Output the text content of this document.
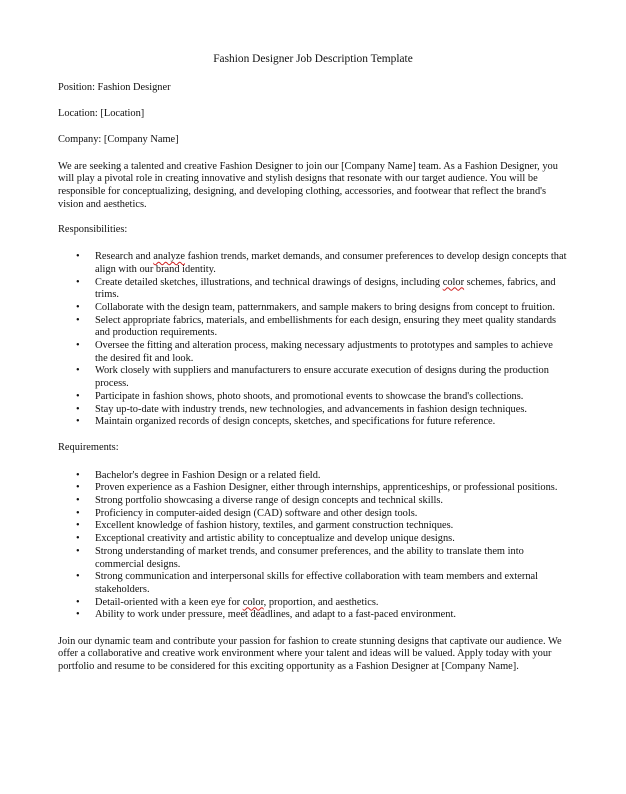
Fashion Designer Job Description Template
Position: Fashion Designer
Location: [Location]
Company: [Company Name]
We are seeking a talented and creative Fashion Designer to join our [Company Name] team. As a Fashion Designer, you will play a pivotal role in creating innovative and stylish designs that resonate with our target audience. You will be responsible for conceptualizing, designing, and developing clothing, accessories, and footwear that reflect the brand's vision and aesthetics.
Responsibilities:
• Research and analyze fashion trends, market demands, and consumer preferences to develop design concepts that align with our brand identity.
• Create detailed sketches, illustrations, and technical drawings of designs, including color schemes, fabrics, and trims.
• Collaborate with the design team, patternmakers, and sample makers to bring designs from concept to fruition.
• Select appropriate fabrics, materials, and embellishments for each design, ensuring they meet quality standards and production requirements.
• Oversee the fitting and alteration process, making necessary adjustments to prototypes and samples to achieve the desired fit and look.
• Work closely with suppliers and manufacturers to ensure accurate execution of designs during the production process.
• Participate in fashion shows, photo shoots, and promotional events to showcase the brand's collections.
• Stay up-to-date with industry trends, new technologies, and advancements in fashion design techniques.
• Maintain organized records of design concepts, sketches, and specifications for future reference.
Requirements:
• Bachelor's degree in Fashion Design or a related field.
• Proven experience as a Fashion Designer, either through internships, apprenticeships, or professional positions.
• Strong portfolio showcasing a diverse range of design concepts and technical skills.
• Proficiency in computer-aided design (CAD) software and other design tools.
• Excellent knowledge of fashion history, textiles, and garment construction techniques.
• Exceptional creativity and artistic ability to conceptualize and develop unique designs.
• Strong understanding of market trends, and consumer preferences, and the ability to translate them into commercial designs.
• Strong communication and interpersonal skills for effective collaboration with team members and external stakeholders.
• Detail-oriented with a keen eye for color, proportion, and aesthetics.
• Ability to work under pressure, meet deadlines, and adapt to a fast-paced environment.
Join our dynamic team and contribute your passion for fashion to create stunning designs that captivate our audience. We offer a collaborative and creative work environment where your talent and ideas will be valued. Apply today with your portfolio and resume to be considered for this exciting opportunity as a Fashion Designer at [Company Name].
